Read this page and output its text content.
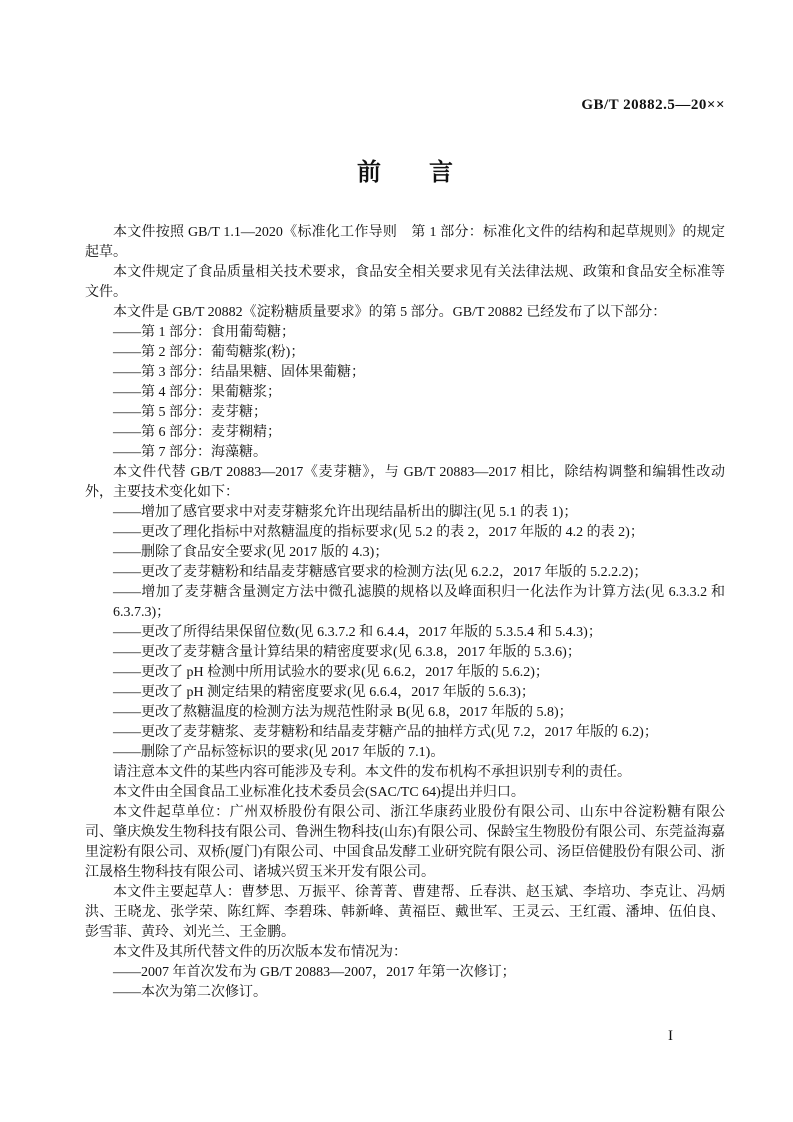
GB/T 20882.5—20××
前　　言

本文件按照 GB/T 1.1—2020《标准化工作导则　第 1 部分：标准化文件的结构和起草规则》的规定起草。

本文件规定了食品质量相关技术要求，食品安全相关要求见有关法律法规、政策和食品安全标准等文件。

本文件是 GB/T 20882《淀粉糖质量要求》的第 5 部分。GB/T 20882 已经发布了以下部分：

——第 1 部分：食用葡萄糖；

——第 2 部分：葡萄糖浆(粉)；

——第 3 部分：结晶果糖、固体果葡糖；

——第 4 部分：果葡糖浆；

——第 5 部分：麦芽糖；

——第 6 部分：麦芽糊精；

——第 7 部分：海藻糖。

本文件代替 GB/T 20883—2017《麦芽糖》，与 GB/T 20883—2017 相比，除结构调整和编辑性改动外，主要技术变化如下：

——增加了感官要求中对麦芽糖浆允许出现结晶析出的脚注(见 5.1 的表 1)；

——更改了理化指标中对熬糖温度的指标要求(见 5.2 的表 2，2017 年版的 4.2 的表 2)；

——删除了食品安全要求(见 2017 版的 4.3)；

——更改了麦芽糖粉和结晶麦芽糖感官要求的检测方法(见 6.2.2，2017 年版的 5.2.2.2)；

——增加了麦芽糖含量测定方法中微孔滤膜的规格以及峰面积归一化法作为计算方法(见 6.3.3.2 和 6.3.7.3)；

——更改了所得结果保留位数(见 6.3.7.2 和 6.4.4，2017 年版的 5.3.5.4 和 5.4.3)；

——更改了麦芽糖含量计算结果的精密度要求(见 6.3.8，2017 年版的 5.3.6)；

——更改了 pH 检测中所用试验水的要求(见 6.6.2，2017 年版的 5.6.2)；

——更改了 pH 测定结果的精密度要求(见 6.6.4，2017 年版的 5.6.3)；

——更改了熬糖温度的检测方法为规范性附录 B(见 6.8，2017 年版的 5.8)；

——更改了麦芽糖浆、麦芽糖粉和结晶麦芽糖产品的抽样方式(见 7.2，2017 年版的 6.2)；

——删除了产品标签标识的要求(见 2017 年版的 7.1)。

请注意本文件的某些内容可能涉及专利。本文件的发布机构不承担识别专利的责任。

本文件由全国食品工业标准化技术委员会(SAC/TC 64)提出并归口。

本文件起草单位：广州双桥股份有限公司、浙江华康药业股份有限公司、山东中谷淀粉糖有限公司、肇庆焕发生物科技有限公司、鲁洲生物科技(山东)有限公司、保龄宝生物股份有限公司、东莞益海嘉里淀粉有限公司、双桥(厦门)有限公司、中国食品发酵工业研究院有限公司、汤臣倍健股份有限公司、浙江晟格生物科技有限公司、诸城兴贸玉米开发有限公司。

本文件主要起草人：曹梦思、万振平、徐菁菁、曹建帮、丘春洪、赵玉斌、李培功、李克让、冯炳洪、王晓龙、张学荣、陈红辉、李碧珠、韩新峰、黄福臣、戴世军、王灵云、王红霞、潘坤、伍伯良、彭雪菲、黄玲、刘光兰、王金鹏。

本文件及其所代替文件的历次版本发布情况为：

——2007 年首次发布为 GB/T 20883—2007，2017 年第一次修订；

——本次为第二次修订。

I
